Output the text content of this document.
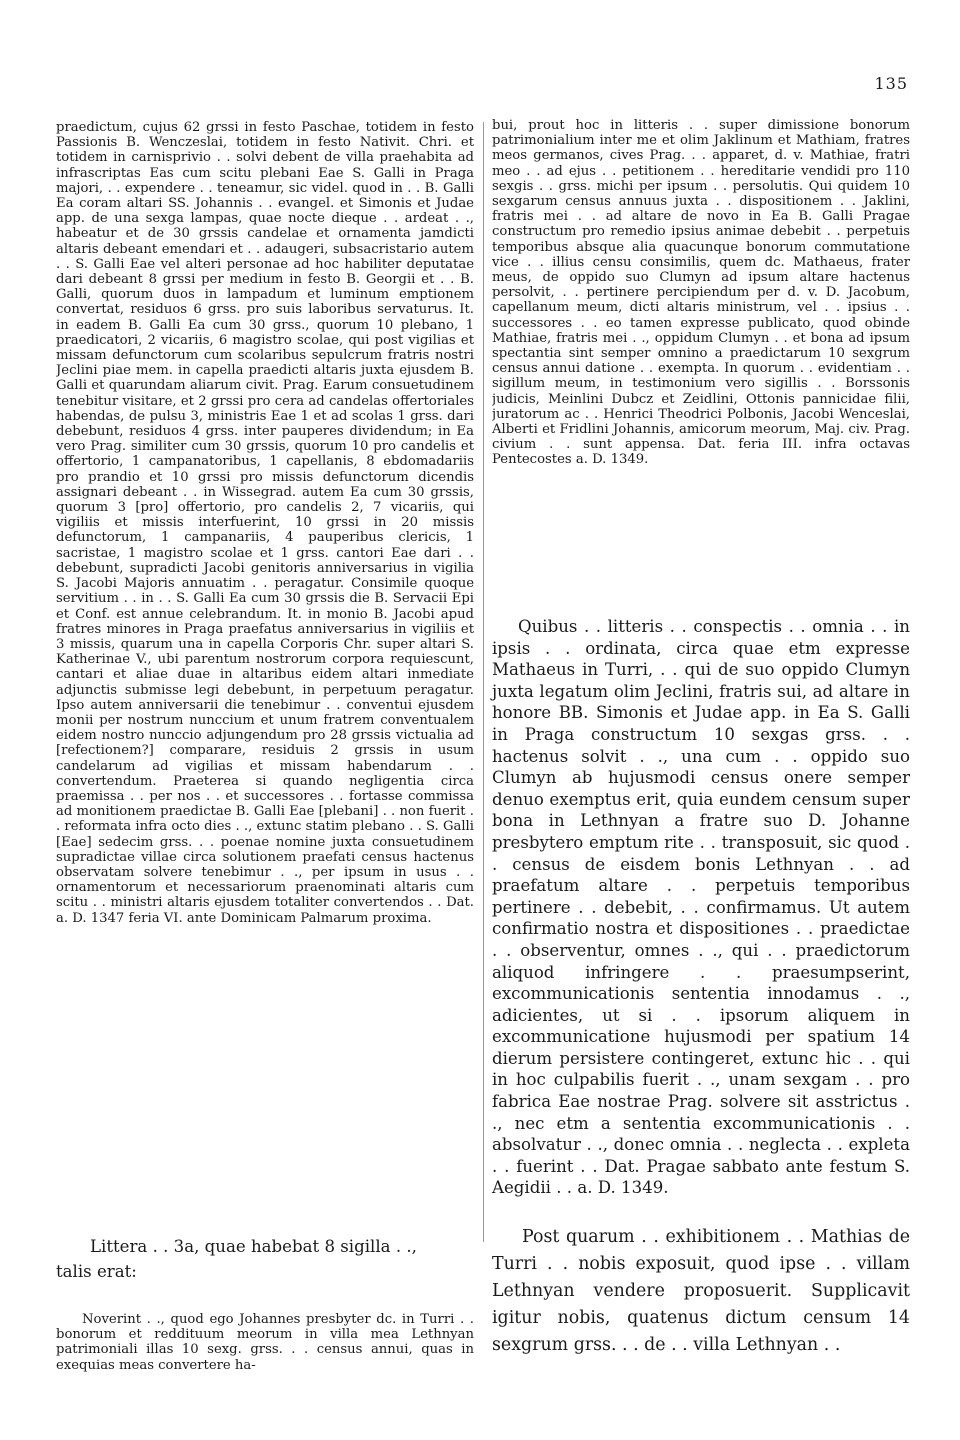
135

praedictum, cujus 62 grssi in festo Paschae, totidem in festo Passionis B. Wenczeslai, totidem in festo Nativit. Chri. et totidem in carnisprivio . . solvi debent de villa praehabita ad infrascriptas Eas cum scitu plebani Eae S. Galli in Praga majori, . . expendere . . teneamur, sic videl. quod in . . B. Galli Ea coram altari SS. Johannis . . evangel. et Simonis et Judae app. de una sexga lampas, quae nocte dieque . . ardeat . ., habeatur et de 30 grssis candelae et ornamenta jamdicti altaris debeant emendari et . . adaugeri, subsacristario autem . . S. Galli Eae vel alteri personae ad hoc habiliter deputatae dari debeant 8 grssi per medium in festo B. Georgii et . . B. Galli, quorum duos in lampadum et luminum emptionem convertat, residuos 6 grss. pro suis laboribus servaturus. It. in eadem B. Galli Ea cum 30 grss., quorum 10 plebano, 1 praedicatori, 2 vicariis, 6 magistro scolae, qui post vigilias et missam defunctorum cum scolaribus sepulcrum fratris nostri Jeclini piae mem. in capella praedicti altaris juxta ejusdem B. Galli et quarundam aliarum civit. Prag. Earum consuetudinem tenebitur visitare, et 2 grssi pro cera ad candelas offertoriales habendas, de pulsu 3, ministris Eae 1 et ad scolas 1 grss. dari debebunt, residuos 4 grss. inter pauperes dividendum; in Ea vero Prag. similiter cum 30 grssis, quorum 10 pro candelis et offertorio, 1 campanatoribus, 1 capellanis, 8 ebdomadariis pro prandio et 10 grssi pro missis defunctorum dicendis assignari debeant . . in Wissegrad. autem Ea cum 30 grssis, quorum 3 [pro] offertorio, pro candelis 2, 7 vicariis, qui vigiliis et missis interfuerint, 10 grssi in 20 missis defunctorum, 1 campanariis, 4 pauperibus clericis, 1 sacristae, 1 magistro scolae et 1 grss. cantori Eae dari . . debebunt, supradicti Jacobi genitoris anniversarius in vigilia S. Jacobi Majoris annuatim . . peragatur. Consimile quoque servitium . . in . . S. Galli Ea cum 30 grssis die B. Servacii Epi et Conf. est annue celebrandum. It. in monio B. Jacobi apud fratres minores in Praga praefatus anniversarius in vigiliis et 3 missis, quarum una in capella Corporis Chr. super altari S. Katherinae V., ubi parentum nostrorum corpora requiescunt, cantari et aliae duae in altaribus eidem altari inmediate adjunctis submisse legi debebunt, in perpetuum peragatur. Ipso autem anniversarii die tenebimur . . conventui ejusdem monii per nostrum nunccium et unum fratrem conventualem eidem nostro nunccio adjungendum pro 28 grssis victualia ad [refectionem?] comparare, residuis 2 grssis in usum candelarum ad vigilias et missam habendarum . . convertendum. Praeterea si quando negligentia circa praemissa . . per nos . . et successores . . fortasse commissa ad monitionem praedictae B. Galli Eae [plebani] . . non fuerit . . reformata infra octo dies . ., extunc statim plebano . . S. Galli [Eae] sedecim grss. . . poenae nomine juxta consuetudinem supradictae villae circa solutionem praefati census hactenus observatam solvere tenebimur . ., per ipsum in usus . . ornamentorum et necessariorum praenominati altaris cum scitu . . ministri altaris ejusdem totaliter convertendos . . Dat. a. D. 1347 feria VI. ante Dominicam Palmarum proxima.

Littera . . 3a, quae habebat 8 sigilla . .,

talis erat:

Noverint . ., quod ego Johannes presbyter dc. in Turri . . bonorum et reddituum meorum in villa mea Lethnyan patrimoniali illas 10 sexg. grss. . . census annui, quas in exequias meas convertere ha-

bui, prout hoc in litteris . . super dimissione bonorum patrimonialium inter me et olim Jaklinum et Mathiam, fratres meos germanos, cives Prag. . . apparet, d. v. Mathiae, fratri meo . . ad ejus . . petitionem . . hereditarie vendidi pro 110 sexgis . . grss. michi per ipsum . . persolutis. Qui quidem 10 sexgarum census annuus juxta . . dispositionem . . Jaklini, fratris mei . . ad altare de novo in Ea B. Galli Pragae constructum pro remedio ipsius animae debebit . . perpetuis temporibus absque alia quacunque bonorum commutatione vice . . illius censu consimilis, quem dc. Mathaeus, frater meus, de oppido suo Clumyn ad ipsum altare hactenus persolvit, . . pertinere percipiendum per d. v. D. Jacobum, capellanum meum, dicti altaris ministrum, vel . . ipsius . . successores . . eo tamen expresse publicato, quod obinde Mathiae, fratris mei . ., oppidum Clumyn . . et bona ad ipsum spectantia sint semper omnino a praedictarum 10 sexgrum census annui datione . . exempta. In quorum . . evidentiam . . sigillum meum, in testimonium vero sigillis . . Borssonis judicis, Meinlini Dubcz et Zeidlini, Ottonis pannicidae filii, juratorum ac . . Henrici Theodrici Polbonis, Jacobi Wenceslai, Alberti et Fridlini Johannis, amicorum meorum, Maj. civ. Prag. civium . . sunt appensa. Dat. feria III. infra octavas Pentecostes a. D. 1349.

Quibus . . litteris . . conspectis . . omnia . . in ipsis . . ordinata, circa quae etm expresse Mathaeus in Turri, . . qui de suo oppido Clumyn juxta legatum olim Jeclini, fratris sui, ad altare in honore BB. Simonis et Judae app. in Ea S. Galli in Praga constructum 10 sexgas grss. . . hactenus solvit . ., una cum . . oppido suo Clumyn ab hujusmodi census onere semper denuo exemptus erit, quia eundem censum super bona in Lethnyan a fratre suo D. Johanne presbytero emptum rite . . transposuit, sic quod . . census de eisdem bonis Lethnyan . . ad praefatum altare . . perpetuis temporibus pertinere . . debebit, . . confirmamus. Ut autem confirmatio nostra et dispositiones . . praedictae . . observentur, omnes . ., qui . . praedictorum aliquod infringere . . praesumpserint, excommunicationis sententia innodamus . ., adicientes, ut si . . ipsorum aliquem in excommunicatione hujusmodi per spatium 14 dierum persistere contingeret, extunc hic . . qui in hoc culpabilis fuerit . ., unam sexgam . . pro fabrica Eae nostrae Prag. solvere sit asstrictus . ., nec etm a sententia excommunicationis . . absolvatur . ., donec omnia . . neglecta . . expleta . . fuerint . . Dat. Pragae sabbato ante festum S. Aegidii . . a. D. 1349.

Post quarum . . exhibitionem . . Mathias de Turri . . nobis exposuit, quod ipse . . villam Lethnyan vendere proposuerit. Supplicavit igitur nobis, quatenus dictum censum 14 sexgrum grss. . . de . . villa Lethnyan . .
